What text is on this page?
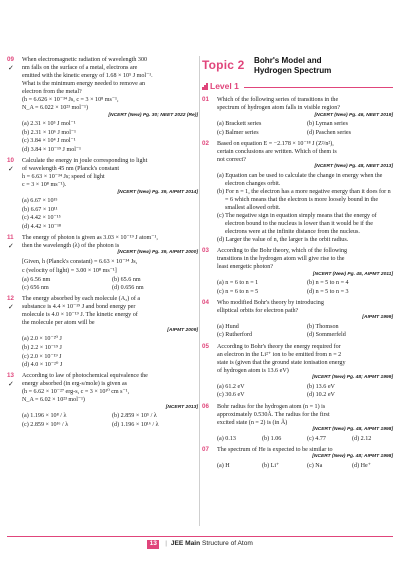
09
✓
When electromagnetic radiation of wavelength 300
nm falls on the surface of a metal, electrons are
emitted with the kinetic energy of 1.68 × 10⁵ J mol⁻¹.
What is the minimum energy needed to remove an
electron from the metal?
(h = 6.626 × 10⁻³⁴ Js, c = 3 × 10⁸ ms⁻¹,
N_A = 6.022 × 10²³ mol⁻¹)
[NCERT (New) Pg. 30; NEET 2022 (Re)]
(a) 2.31 × 10⁵ J mol⁻¹
(b) 2.31 × 10⁶ J mol⁻¹
(c) 3.84 × 10⁴ J mol⁻¹
(d) 3.84 × 10⁻¹⁹ J mol⁻¹
10
✓
Calculate the energy in joule corresponding to light
of wavelength 45 nm (Planck's constant
h = 6.63 × 10⁻³⁴ Js; speed of light
c = 3 × 10⁸ ms⁻¹).
[NCERT (New) Pg. 39, AIPMT 2014]
(a) 6.67 × 10¹⁵
(b) 6.67 × 10¹¹
(c) 4.42 × 10⁻¹⁵
(d) 4.42 × 10⁻¹⁸
11
✓
The energy of photon is given as 3.03 × 10⁻¹⁹ J atom⁻¹,
then the wavelength (λ) of the photon is
[NCERT (New) Pg. 39, AIPMT 2000]
[Given, h (Planck's constant) = 6.63 × 10⁻³⁴ Js,
c (velocity of light) = 3.00 × 10⁸ ms⁻¹]
(a) 6.56 nm	(b) 65.6 nm
(c) 656 nm	(d) 0.656 nm
12
✓
The energy absorbed by each molecule (A₂) of a
substance is 4.4 × 10⁻¹⁹ J and bond energy per
molecule is 4.0 × 10⁻¹⁹ J. The kinetic energy of
the molecule per atom will be
[AIPMT 2009]
(a) 2.0 × 10⁻²⁰ J
(b) 2.2 × 10⁻¹⁹ J
(c) 2.0 × 10⁻¹⁹ J
(d) 4.0 × 10⁻²⁰ J
13
✓
According to law of photochemical equivalence the
energy absorbed (in erg-s/mole) is given as
(h = 6.62 × 10⁻²⁷ erg-s, c = 3 × 10¹⁰ cm s⁻¹,
N_A = 6.02 × 10²³ mol⁻¹)
[NCERT 2013]
(a) 1.196 × 10⁸ / λ	(b) 2.859 × 10⁵ / λ
(c) 2.859 × 10¹⁶ / λ	(d) 1.196 × 10¹⁶ / λ
Topic 2 Bohr's Model and
Hydrogen Spectrum
Level 1
01 Which of the following series of transitions in the
spectrum of hydrogen atom falls in visible region?
[NCERT (New) Pg. 46, NEET 2019]
(a) Brackett series	(b) Lyman series
(c) Balmer series	(d) Paschen series
02 Based on equation E = −2.178 × 10⁻¹⁸ J (Z²/n²),
certain conclusions are written. Which of them is
not correct?
[NCERT (New) Pg. 48, NEET 2013]
(a) Equation can be used to calculate the change in energy when the electron changes orbit.
(b) For n = 1, the electron has a more negative energy than it does for n = 6 which means that the electron is more loosely bound in the smallest allowed orbit.
(c) The negative sign in equation simply means that the energy of electron bound to the nucleus is lower than it would be if the electrons were at the infinite distance from the nucleus.
(d) Larger the value of n, the larger is the orbit radius.
03 According to the Bohr theory, which of the following
transitions in the hydrogen atom will give rise to the
least energetic photon?
[NCERT (New) Pg. 45, AIPMT 2011]
(a) n = 6 to n = 1	(b) n = 5 to n = 4
(c) n = 6 to n = 5	(d) n = 5 to n = 3
04 Who modified Bohr's theory by introducing
elliptical orbits for electron path?
[AIPMT 1999]
(a) Hund	(b) Thomson
(c) Rutherford	(d) Sommerfeld
05 According to Bohr's theory the energy required for
an electron in the Li²⁺ ion to be emitted from n = 2
state is (given that the ground state ionisation energy
of hydrogen atom is 13.6 eV)
[NCERT (New) Pg. 48; AIPMT 1999]
(a) 61.2 eV	(b) 13.6 eV
(c) 30.6 eV	(d) 10.2 eV
06 Bohr radius for the hydrogen atom (n = 1) is
approximately 0.530Å. The radius for the first
excited state (n = 2) is (in Å)
[NCERT (New) Pg. 48, AIPMT 1998]
(a) 0.13	(b) 1.06	(c) 4.77	(d) 2.12
07 The spectrum of He is expected to be similar to
[NCERT (New) Pg. 48; AIPMT 1998]
(a) H	(b) Li⁺	(c) Na	(d) He⁺
13 | JEE Main Structure of Atom
